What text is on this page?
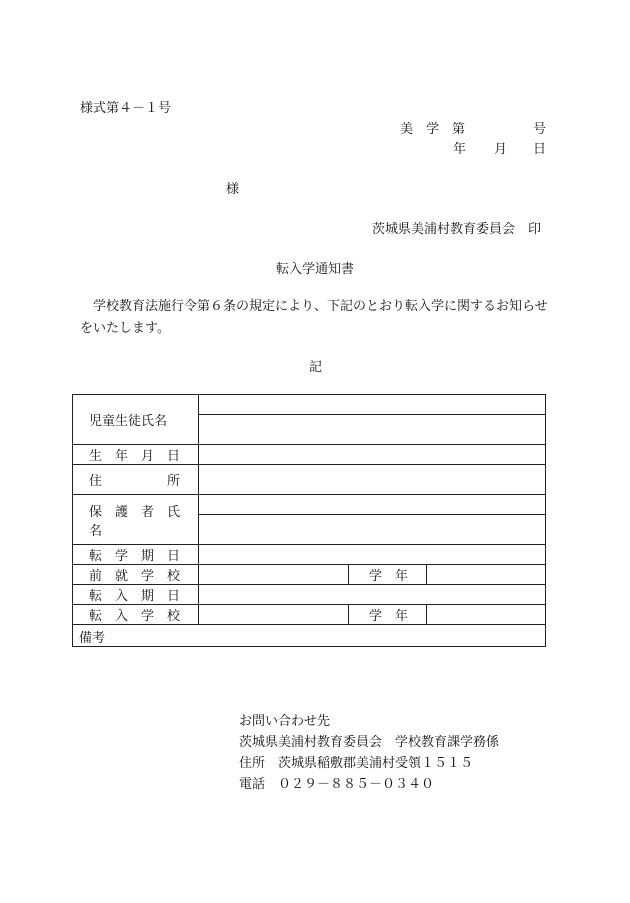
様式第４－１号
美　学　第	号
年 月 日
様
茨城県美浦村教育委員会　印
転入学通知書
学校教育法施行令第６条の規定により、下記のとおり転入学に関するお知らせをいたします。
記
児童生徒氏名			

生　年　月　日			
住　　　　　所			
保　護　者　氏　名			

転　学　期　日			
前　就　学　校		学　年	
転　入　期　日			
転　入　学　校		学　年	
備考			
お問い合わせ先
茨城県美浦村教育委員会　学校教育課学務係
住所　茨城県稲敷郡美浦村受領１５１５
電話　０２９－８８５－０３４０
